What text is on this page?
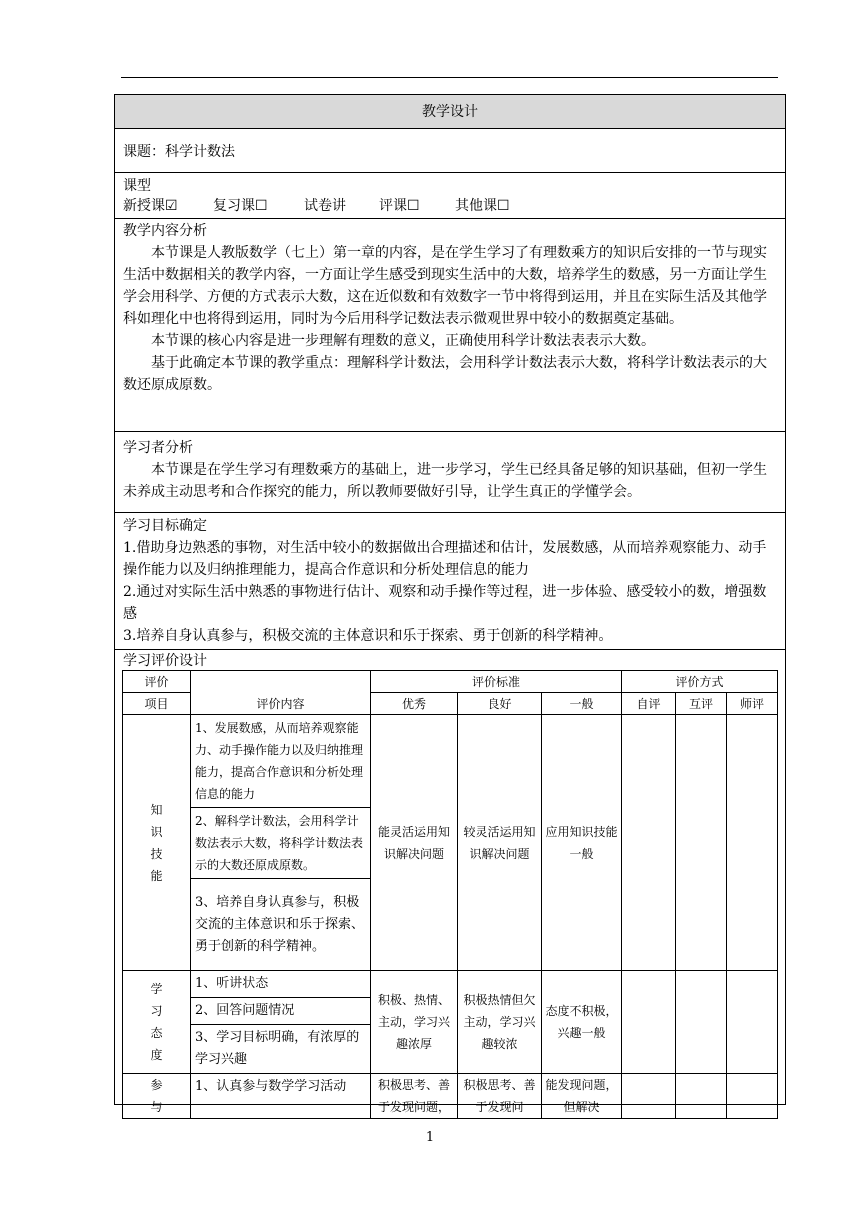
教学设计
课题：科学计数法
课型
新授课☑	复习课☐	试卷讲 评课☐	其他课☐

教学内容分析

本节课是人教版数学（七上）第一章的内容，是在学生学习了有理数乘方的知识后安排的一节与现实生活中数据相关的教学内容，一方面让学生感受到现实生活中的大数，培养学生的数感，另一方面让学生学会用科学、方便的方式表示大数，这在近似数和有效数字一节中将得到运用，并且在实际生活及其他学科如理化中也将得到运用，同时为今后用科学记数法表示微观世界中较小的数据奠定基础。

本节课的核心内容是进一步理解有理数的意义，正确使用科学计数法表表示大数。

基于此确定本节课的教学重点：理解科学计数法，会用科学计数法表示大数，将科学计数法表示的大数还原成原数。

学习者分析

本节课是在学生学习有理数乘方的基础上，进一步学习，学生已经具备足够的知识基础，但初一学生未养成主动思考和合作探究的能力，所以教师要做好引导，让学生真正的学懂学会。

学习目标确定

1.借助身边熟悉的事物，对生活中较小的数据做出合理描述和估计，发展数感，从而培养观察能力、动手操作能力以及归纳推理能力，提高合作意识和分析处理信息的能力

2.通过对实际生活中熟悉的事物进行估计、观察和动手操作等过程，进一步体验、感受较小的数，增强数感

3.培养自身认真参与，积极交流的主体意识和乐于探索、勇于创新的科学精神。

学习评价设计
评价	评价内容	评价标准			评价方式		
项目		优秀	良好	一般	自评	互评	师评

知
识
技
能	1、发展数感，从而培养观察能力、动手操作能力以及归纳推理能力，提高合作意识和分析处理信息的能力	能灵活运用知识解决问题	较灵活运用知识解决问题	应用知识技能一般			
	2、解科学计数法，会用科学计数法表示大数，将科学计数法表示的大数还原成原数。						
	3、培养自身认真参与，积极交流的主体意识和乐于探索、勇于创新的科学精神。						

学
习
态
度	1、听讲状态	积极、热情、主动，学习兴趣浓厚	积极热情但欠主动，学习兴趣较浓	态度不积极，兴趣一般			
	2、回答问题情况						
	3、学习目标明确，有浓厚的学习兴趣						

参
与	1、认真参与数学学习活动	积极思考、善于发现问题，	积极思考、善于发现问	能发现问题，但解决			
1
